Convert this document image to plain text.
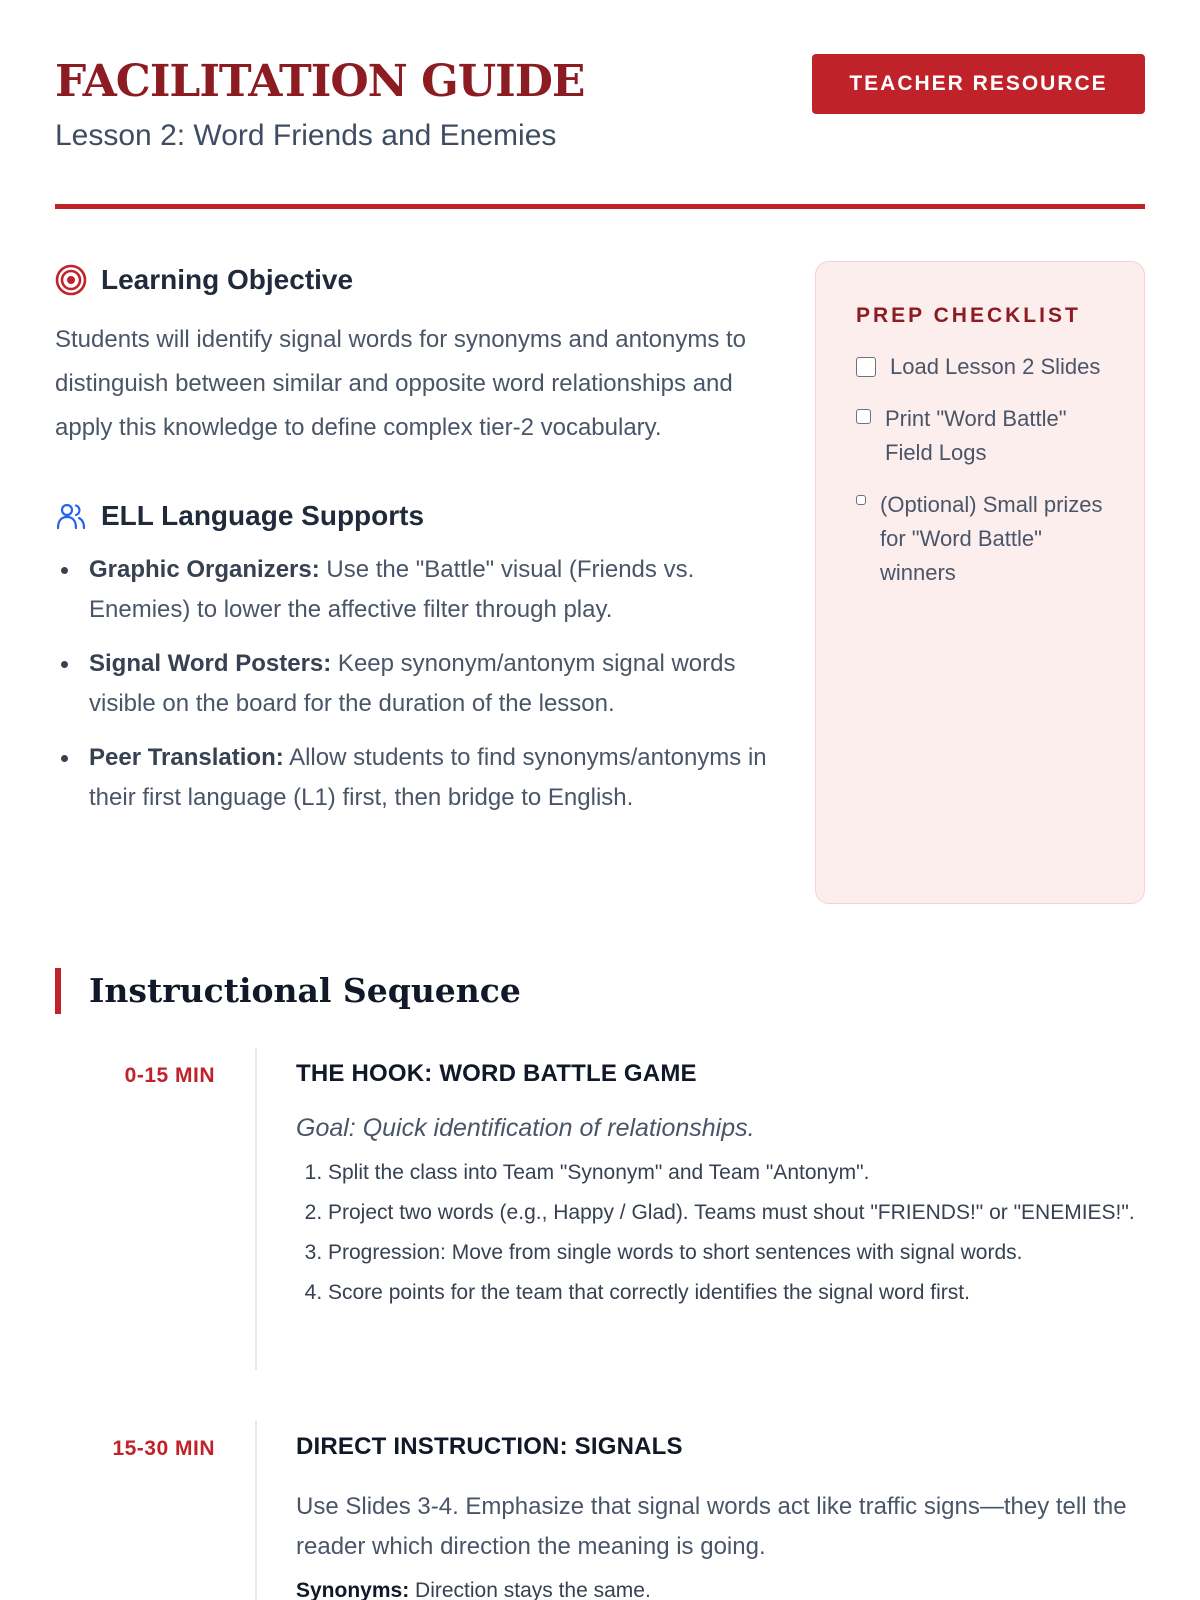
FACILITATION GUIDE
Lesson 2: Word Friends and Enemies
TEACHER RESOURCE
Learning Objective

Students will identify signal words for synonyms and antonyms to distinguish between similar and opposite word relationships and apply this knowledge to define complex tier-2 vocabulary.

ELL Language Supports
Graphic Organizers: Use the "Battle" visual (Friends vs. Enemies) to lower the affective filter through play.
Signal Word Posters: Keep synonym/antonym signal words visible on the board for the duration of the lesson.
Peer Translation: Allow students to find synonyms/antonyms in their first language (L1) first, then bridge to English.
PREP CHECKLIST
Load Lesson 2 Slides
Print "Word Battle" Field Logs
(Optional) Small prizes for "Word Battle" winners
Instructional Sequence
0-15 MIN	THE HOOK: WORD BATTLE GAME
Goal: Quick identification of relationships.
1. Split the class into Team "Synonym" and Team "Antonym".
2. Project two words (e.g., Happy / Glad). Teams must shout "FRIENDS!" or "ENEMIES!".
3. Progression: Move from single words to short sentences with signal words.
4. Score points for the team that correctly identifies the signal word first.
15-30 MIN	DIRECT INSTRUCTION: SIGNALS

Use Slides 3-4. Emphasize that signal words act like traffic signs—they tell the reader which direction the meaning is going.

Synonyms: Direction stays the same.
